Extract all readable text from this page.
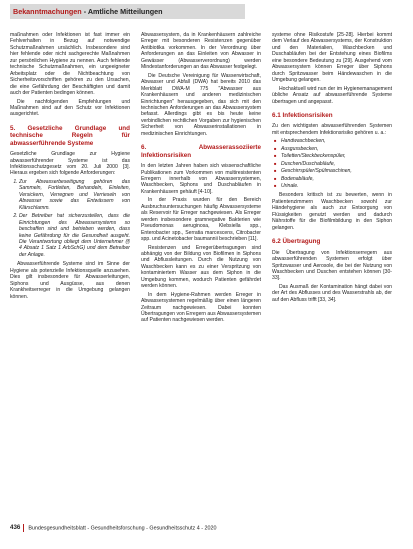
Bekanntmachungen - Amtliche Mitteilungen

maßnahmen oder Infektionen ist fast immer ein Fehlverhalten in Bezug auf notwendige Schutzmaßnahmen ursächlich. Insbesondere sind hier fehlende oder nicht sachgerechte Maßnahmen zur persönlichen Hygiene zu nennen. Auch fehlende technische Schutzmaßnahmen, ein ungeeigneter Arbeitsplatz oder die Nichtbeachtung von Sicherheitsvorschriften gehören zu den Ursachen, die eine Gefährdung der Beschäftigten und damit auch der Patienten bedingen können.

Die nachfolgenden Empfehlungen und Maßnahmen sind auf den Schutz vor Infektionen ausgerichtet.

5. Gesetzliche Grundlage und technische Regeln für abwasserführende Systeme

Gesetzliche Grundlage zur Hygiene abwasserführender Systeme ist das Infektionsschutzgesetz vom 20. Juli 2000 [3]. Hieraus ergeben sich folgende Anforderungen:

1. Zur Abwasserbeseitigung gehören das Sammeln, Fortleiten, Behandeln, Einleiten, Versickern, Verregnen und Verrieseln von Abwasser sowie das Entwässern von Klärschlamm.
2. Der Betreiber hat sicherzustellen, dass die Einrichtungen des Abwassersystems so beschaffen sind und betrieben werden, dass keine Gefährdung für die Gesundheit ausgeht. Die Verantwortung obliegt dem Unternehmer (§ 4 Absatz 1 Satz 1 ArbSchG) und dem Betreiber der Anlage.

Abwasserführende Systeme sind im Sinne der Hygiene als potenzielle Infektionsquelle anzusehen. Dies gilt insbesondere für Abwasserleitungen, Siphons und Ausgüsse, aus denen Krankheitserreger in die Umgebung gelangen können.

Abwassersystem, da in Krankenhäusern zahlreiche Erreger mit besonderen Resistenzen gegenüber Antibiotika vorkommen. In der Verordnung über Anforderungen an das Einleiten von Abwasser in Gewässer (Abwasserverordnung) werden Mindestanforderungen an das Abwasser festgelegt.

Die Deutsche Vereinigung für Wasserwirtschaft, Abwasser und Abfall (DWA) hat bereits 2010 das Merkblatt DWA-M 775 "Abwasser aus Krankenhäusern und anderen medizinischen Einrichtungen" herausgegeben, das sich mit den technischen Anforderungen an das Abwassersystem befasst. Allerdings gibt es bis heute keine verbindlichen rechtlichen Vorgaben zur hygienischen Sicherheit von Abwasserinstallationen in medizinischen Einrichtungen.

6. Abwasserassoziierte Infektionsrisiken

In den letzten Jahren haben sich wissenschaftliche Publikationen zum Vorkommen von multiresistenten Erregern innerhalb von Abwassersystemen, Waschbecken, Siphons und Duschabläufen in Krankenhäusern gehäuft [4-10].

In der Praxis wurden für den Bereich Ausbruchsuntersuchungen häufig Abwassersysteme als Reservoir für Erreger nachgewiesen. Als Erreger werden insbesondere gramnegative Bakterien wie Pseudomonas aeruginosa, Klebsiella spp., Enterobacter spp., Serratia marcescens, Citrobacter spp. und Acinetobacter baumannii beschrieben [11].

Resistenzen und Erregerübertragungen sind abhängig von der Bildung von Biofilmen in Siphons und Abflussleitungen. Durch die Nutzung von Waschbecken kann es zu einer Verspritzung von kontaminiertem Wasser aus dem Siphon in die Umgebung kommen, wodurch Patienten gefährdet werden können.

In dem Hygiene-Rahmen werden Erreger in Abwassersystemen regelmäßig über einen längeren Zeitraum nachgewiesen. Dabei konnten Übertragungen von Erregern aus Abwassersystemen auf Patienten nachgewiesen werden.

systeme ohne Risikostufe [25-28]. Hierbei kommt dem Verlauf des Abwassersystems, der Konstruktion und den Materialien, Waschbecken und Duschabläufen bei der Entstehung eines Biofilms eine besondere Bedeutung zu [29]. Ausgehend vom Abwassersystem können Erreger über Siphons durch Spritzwasser beim Händewaschen in die Umgebung gelangen.

Hochaktuell wird nun der im Hygienemanagement übliche Ansatz auf abwasserführende Systeme übertragen und angepasst.

6.1 Infektionsrisiken

Zu den wichtigsten abwasserführenden Systemen mit entsprechendem Infektionsrisiko gehören u. a.:

■ Handwaschbecken,
■ Ausgussbecken,
■ Toiletten/Steckbeckenspüler,
■ Duschen/Duschabläufe,
■ Geschirrspüler/Spülmaschinen,
■ Bodenabläufe,
■ Urinale.

Besonders kritisch ist zu bewerten, wenn in Patientenzimmern Waschbecken sowohl zur Händehygiene als auch zur Entsorgung von Flüssigkeiten genutzt werden und dadurch Nährstoffe für die Biofilmbildung in den Siphon gelangen.

6.2 Übertragung

Die Übertragung von Infektionserregern aus abwasserführenden Systemen erfolgt über Spritzwasser und Aerosole, die bei der Nutzung von Waschbecken und Duschen entstehen können [30-33].

Das Ausmaß der Kontamination hängt dabei von der Art des Abflusses und des Wasserstrahls ab, der auf den Abfluss trifft [33, 34].

436 Bundesgesundheitsblatt - Gesundheitsforschung - Gesundheitsschutz 4 - 2020
